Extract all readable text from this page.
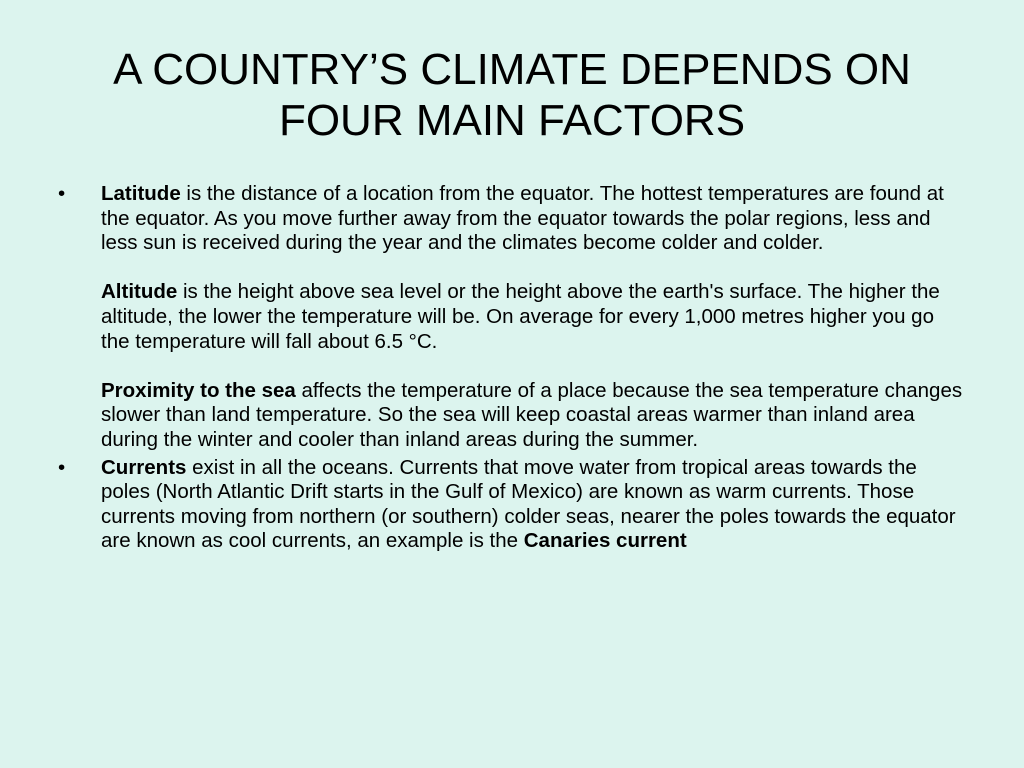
A COUNTRY’S CLIMATE DEPENDS ON
FOUR MAIN FACTORS
•	Latitude is the distance of a location from the equator. The hottest temperatures are found at the equator. As you move further away from the equator towards the polar regions, less and less sun is received during the year and the climates become colder and colder.

Altitude is the height above sea level or the height above the earth's surface. The higher the altitude, the lower the temperature will be. On average for every 1,000 metres higher you go the temperature will fall about 6.5 °C.

Proximity to the sea affects the temperature of a place because the sea temperature changes slower than land temperature. So the sea will keep coastal areas warmer than inland area during the winter and cooler than inland areas during the summer.

•	Currents exist in all the oceans. Currents that move water from tropical areas towards the poles (North Atlantic Drift starts in the Gulf of Mexico) are known as warm currents. Those currents moving from northern (or southern) colder seas, nearer the poles towards the equator are known as cool currents, an example is the Canaries current
